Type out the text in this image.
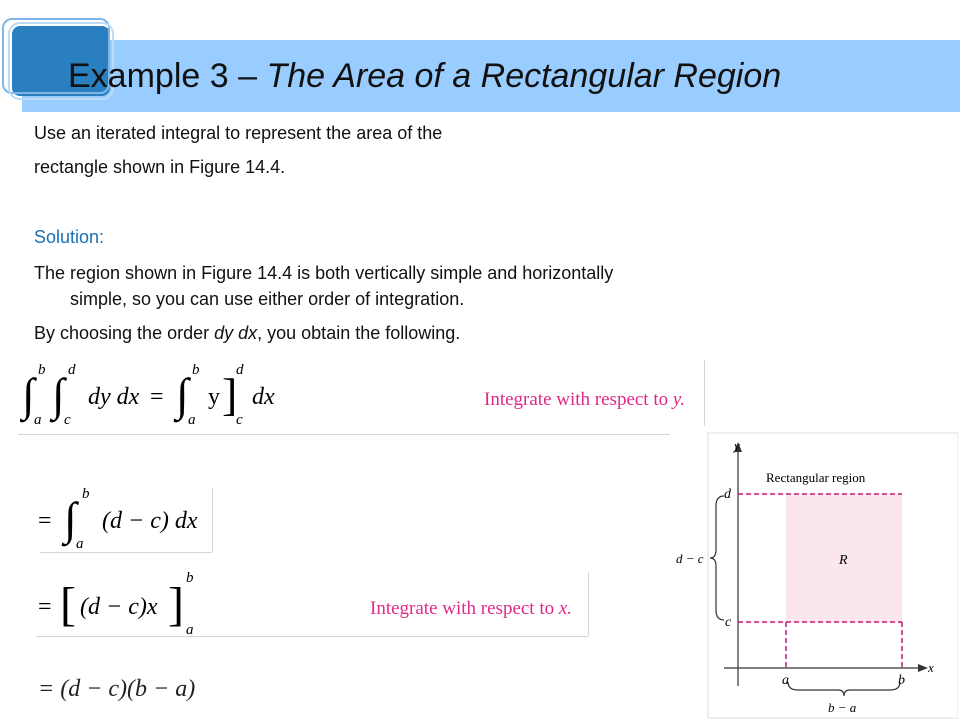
Example 3 – The Area of a Rectangular Region
Use an iterated integral to represent the area of the
rectangle shown in Figure 14.4.
Solution:
The region shown in Figure 14.4 is both vertically simple and horizontally
simple, so you can use either order of integration.
By choosing the order dy dx, you obtain the following.
∫ b
a ∫ d
c
dy dx = ∫ b
a
y ]
d
c
dx	Integrate with respect to y.
= ∫ b
a
(d − c) dx
= [ (d − c)x ] b
a
Integrate with respect to x.
= (d − c)(b − a)
y
x
Rectangular region
R
d
c
a	b
d − c
b − a
